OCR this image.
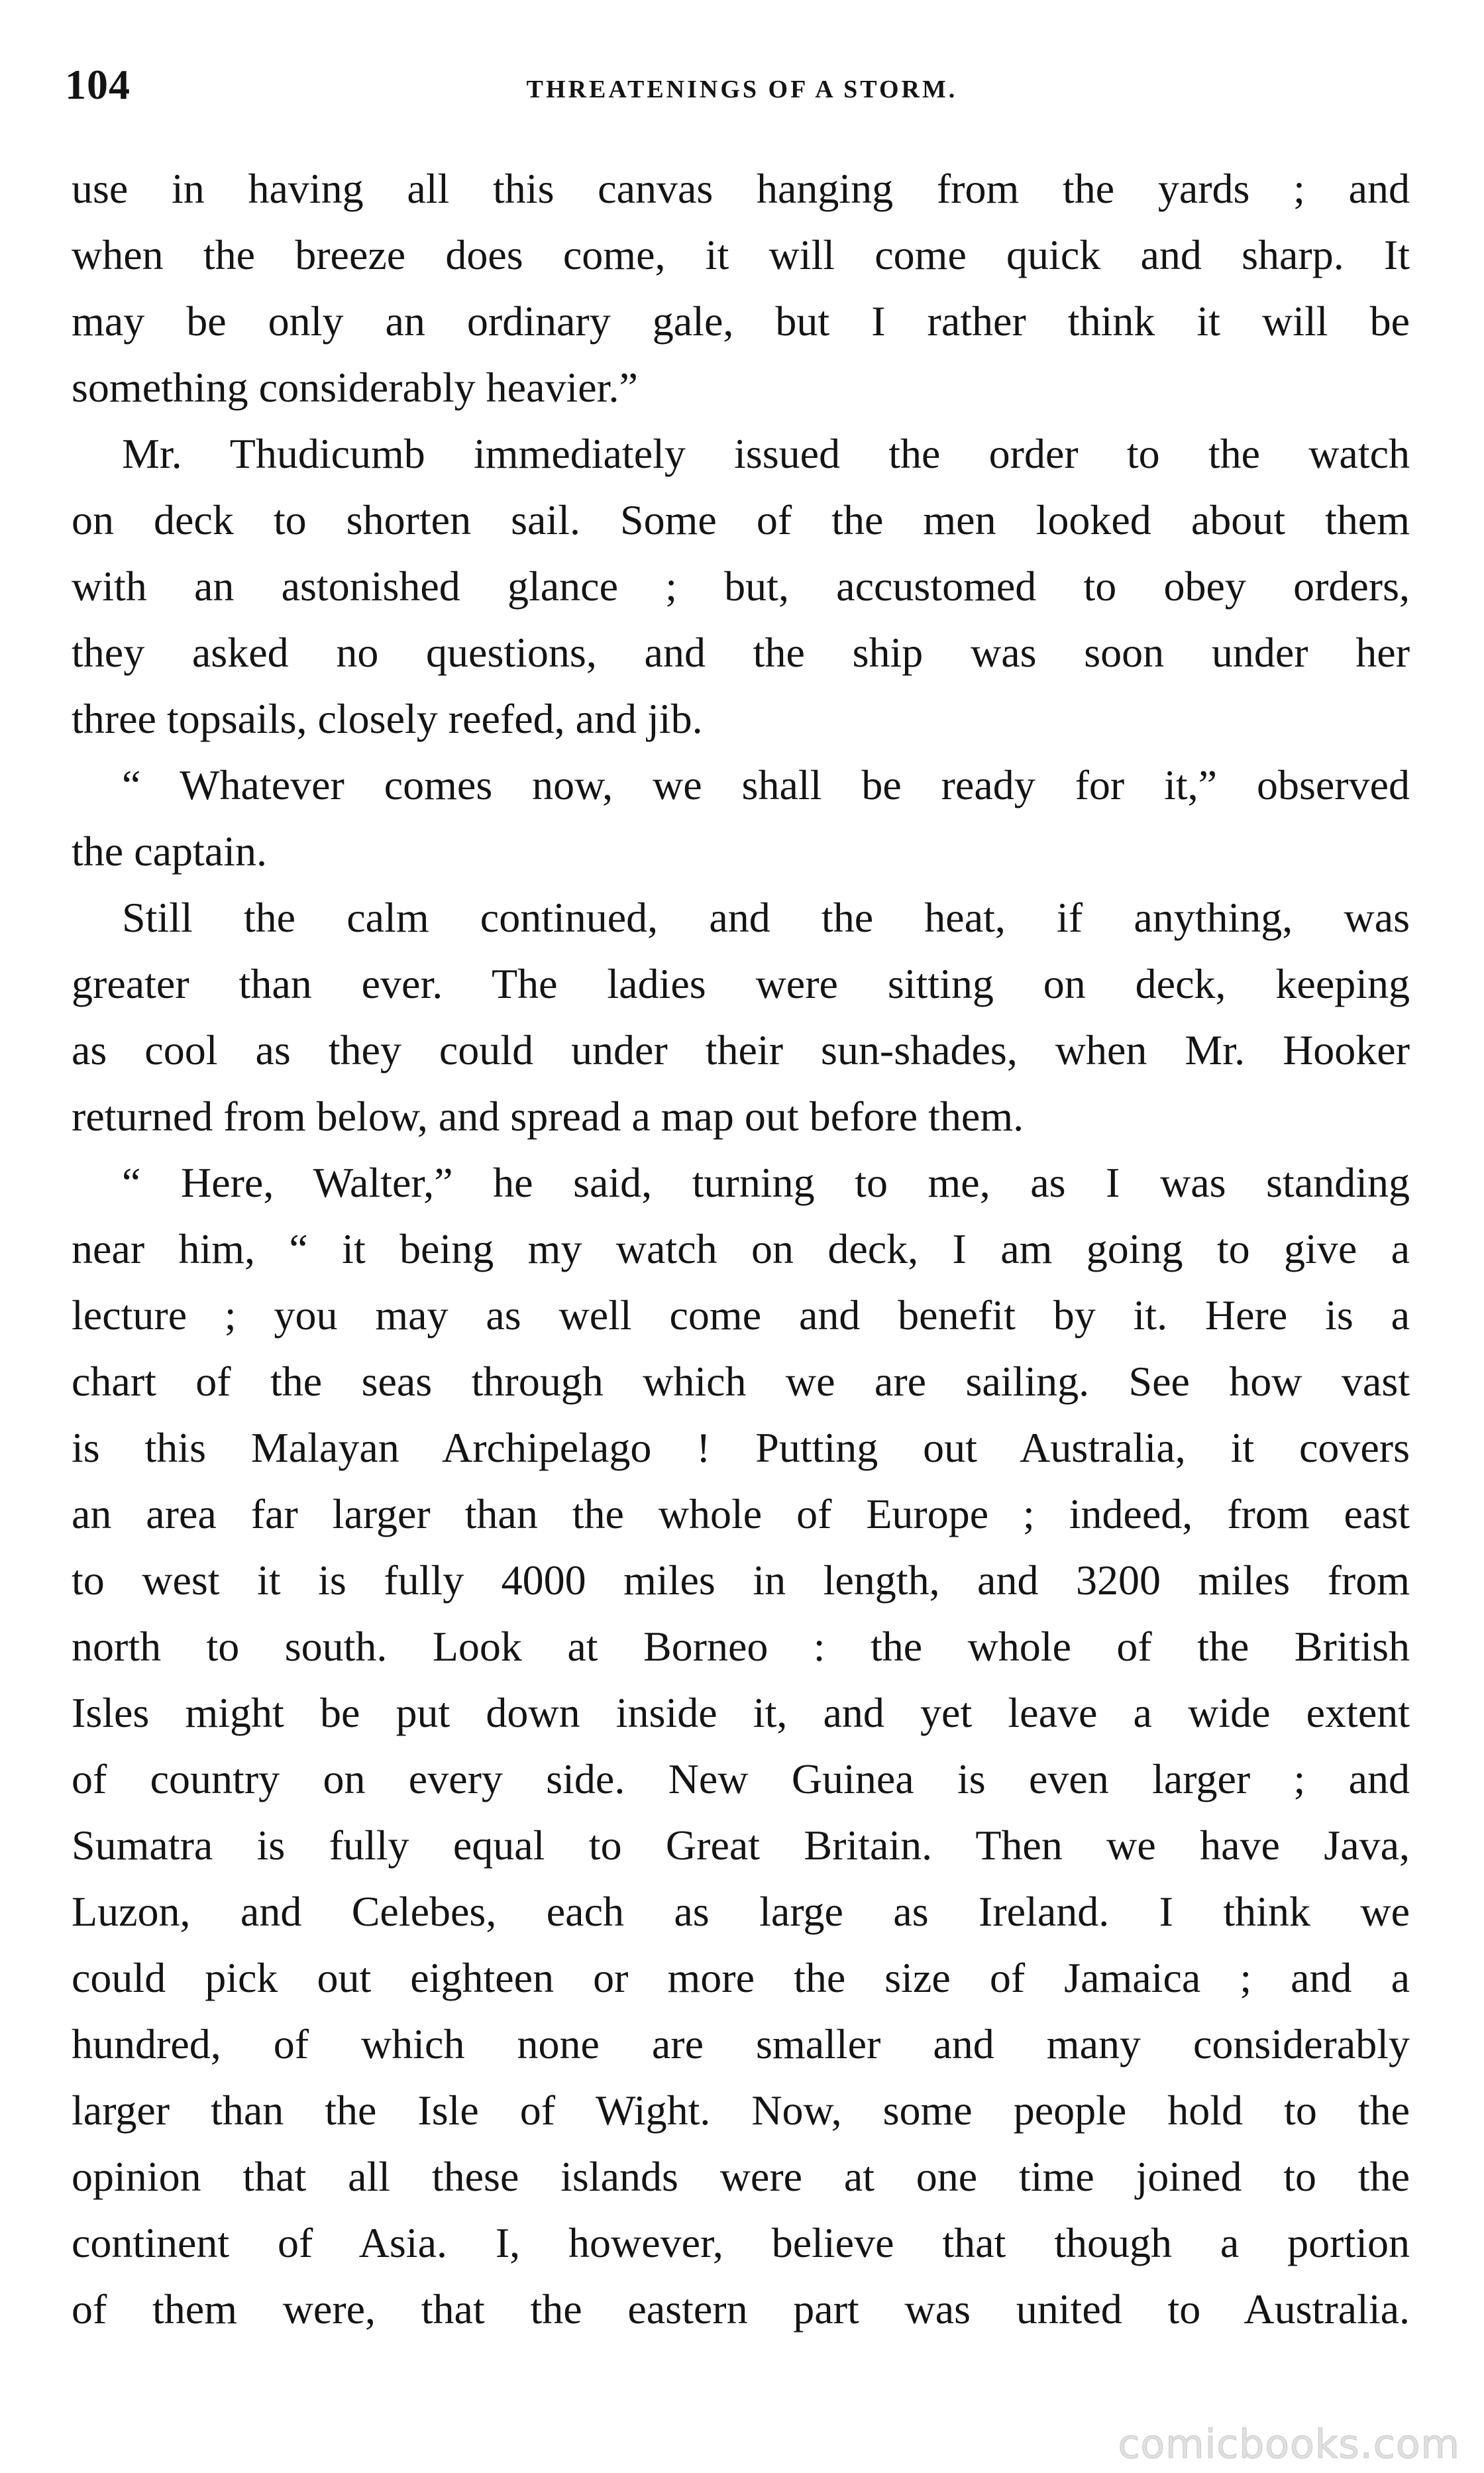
104	THREATENINGS OF A STORM.
use in having all this canvas hanging from the yards ; and
when the breeze does come, it will come quick and sharp. It
may be only an ordinary gale, but I rather think it will be
something considerably heavier.”
Mr. Thudicumb immediately issued the order to the watch
on deck to shorten sail. Some of the men looked about them
with an astonished glance ; but, accustomed to obey orders,
they asked no questions, and the ship was soon under her
three topsails, closely reefed, and jib.
“ Whatever comes now, we shall be ready for it,” observed
the captain.
Still the calm continued, and the heat, if anything, was
greater than ever. The ladies were sitting on deck, keeping
as cool as they could under their sun-shades, when Mr. Hooker
returned from below, and spread a map out before them.
“ Here, Walter,” he said, turning to me, as I was standing
near him, “ it being my watch on deck, I am going to give a
lecture ; you may as well come and benefit by it. Here is a
chart of the seas through which we are sailing. See how vast
is this Malayan Archipelago ! Putting out Australia, it covers
an area far larger than the whole of Europe ; indeed, from east
to west it is fully 4000 miles in length, and 3200 miles from
north to south. Look at Borneo : the whole of the British
Isles might be put down inside it, and yet leave a wide extent
of country on every side. New Guinea is even larger ; and
Sumatra is fully equal to Great Britain. Then we have Java,
Luzon, and Celebes, each as large as Ireland. I think we
could pick out eighteen or more the size of Jamaica ; and a
hundred, of which none are smaller and many considerably
larger than the Isle of Wight. Now, some people hold to the
opinion that all these islands were at one time joined to the
continent of Asia. I, however, believe that though a portion
of them were, that the eastern part was united to Australia.
comicbooks.com
